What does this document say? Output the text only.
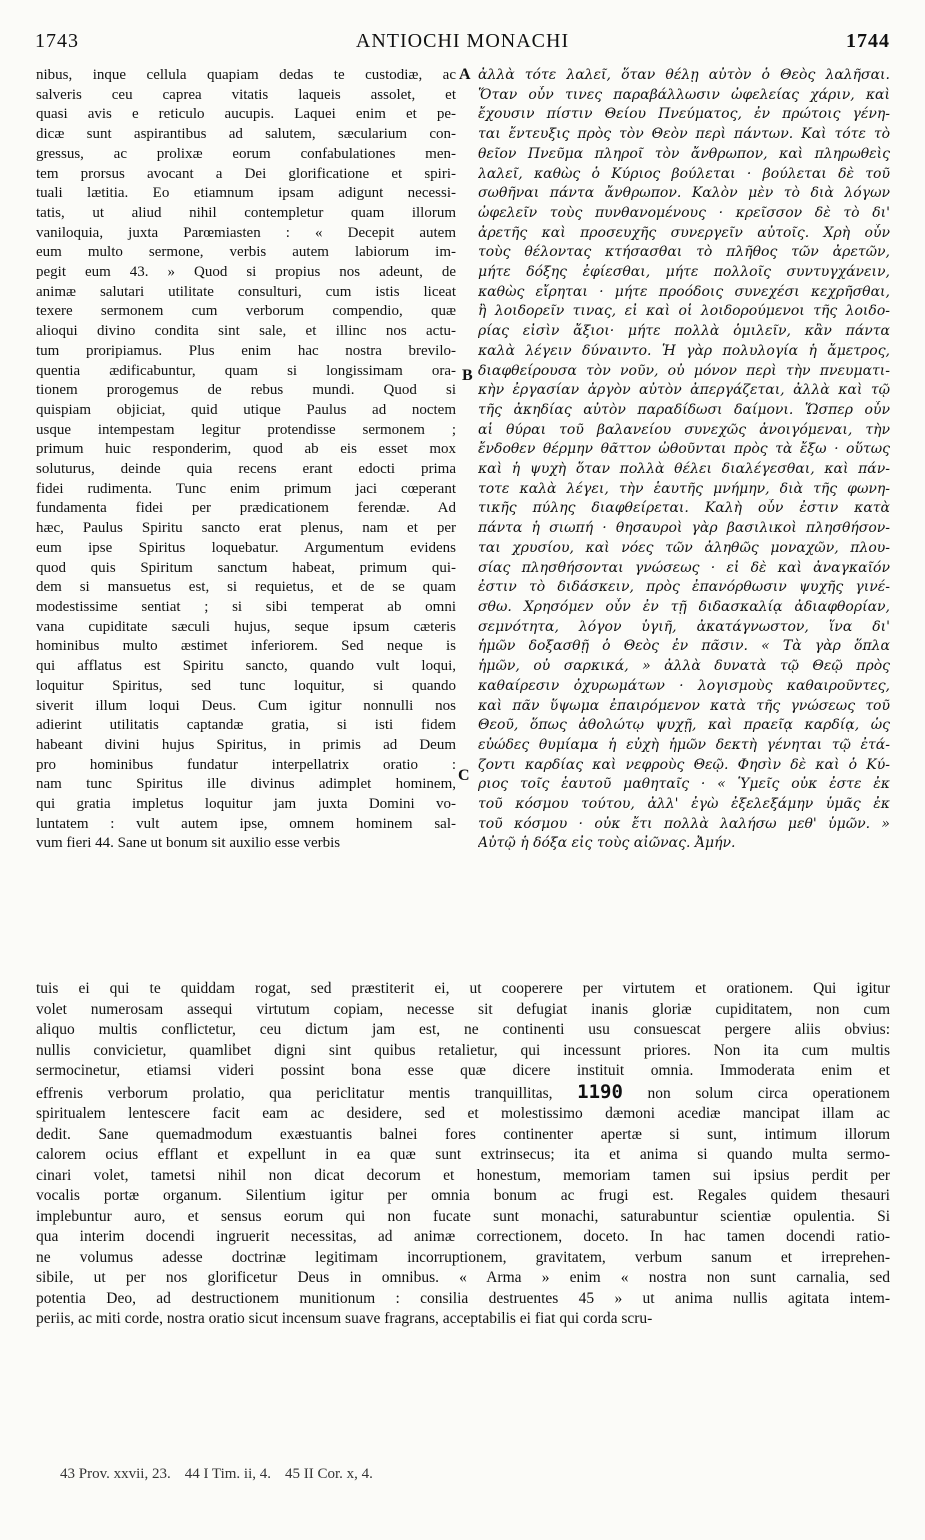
1743	ANTIOCHI MONACHI	1744
nibus, inque cellula quapiam dedas te custodiæ, ac
salveris ceu caprea vitatis laqueis assolet, et
quasi avis e reticulo aucupis. Laquei enim et pe-
dicæ sunt aspirantibus ad salutem, sæcularium con-
gressus, ac prolixæ eorum confabulationes men-
tem prorsus avocant a Dei glorificatione et spiri-
tuali lætitia. Eo etiamnum ipsam adigunt necessi-
tatis, ut aliud nihil contempletur quam illorum
vaniloquia, juxta Parœmiasten : « Decepit autem
eum multo sermone, verbis autem labiorum im-
pegit eum 43. » Quod si propius nos adeunt, de
animæ salutari utilitate consulturi, cum istis liceat
texere sermonem cum verborum compendio, quæ
alioqui divino condita sint sale, et illinc nos actu-
tum proripiamus. Plus enim hac nostra brevilo-
quentia ædificabuntur, quam si longissimam ora-
tionem prorogemus de rebus mundi. Quod si
quispiam objiciat, quid utique Paulus ad noctem
usque intempestam legitur protendisse sermonem ;
primum huic responderim, quod ab eis esset mox
soluturus, deinde quia recens erant edocti prima
fidei rudimenta. Tunc enim primum jaci cœperant
fundamenta fidei per prædicationem ferendæ. Ad
hæc, Paulus Spiritu sancto erat plenus, nam et per
eum ipse Spiritus loquebatur. Argumentum evidens
quod quis Spiritum sanctum habeat, primum qui-
dem si mansuetus est, si requietus, et de se quam
modestissime sentiat ; si sibi temperat ab omni
vana cupiditate sæculi hujus, seque ipsum cæteris
hominibus multo æstimet inferiorem. Sed neque is
qui afflatus est Spiritu sancto, quando vult loqui,
loquitur Spiritus, sed tunc loquitur, si quando
siverit illum loqui Deus. Cum igitur nonnulli nos
adierint utilitatis captandæ gratia, si isti fidem
habeant divini hujus Spiritus, in primis ad Deum
pro hominibus fundatur interpellatrix oratio :
nam tunc Spiritus ille divinus adimplet hominem,
qui gratia impletus loquitur jam juxta Domini vo-
luntatem : vult autem ipse, omnem hominem sal-
vum fieri 44. Sane ut bonum sit auxilio esse verbis
ἀλλὰ τότε λαλεῖ, ὅταν θέλῃ αὐτὸν ὁ Θεὸς λαλῆσαι.
Ὅταν οὖν τινες παραβάλλωσιν ὠφελείας χάριν, καὶ
ἔχουσιν πίστιν Θείου Πνεύματος, ἐν πρώτοις γένη-
ται ἔντευξις πρὸς τὸν Θεὸν περὶ πάντων. Καὶ τότε τὸ
θεῖον Πνεῦμα πληροῖ τὸν ἄνθρωπον, καὶ πληρωθεὶς
λαλεῖ, καθὼς ὁ Κύριος βούλεται · βούλεται δὲ τοῦ
σωθῆναι πάντα ἄνθρωπον. Καλὸν μὲν τὸ διὰ λόγων
ὠφελεῖν τοὺς πυνθανομένους · κρεῖσσον δὲ τὸ δι'
ἀρετῆς καὶ προσευχῆς συνεργεῖν αὐτοῖς. Χρὴ οὖν
τοὺς θέλοντας κτήσασθαι τὸ πλῆθος τῶν ἀρετῶν,
μήτε δόξης ἐφίεσθαι, μήτε πολλοῖς συντυγχάνειν,
καθὼς εἴρηται · μήτε προόδοις συνεχέσι κεχρῆσθαι,
ἢ λοιδορεῖν τινας, εἰ καὶ οἱ λοιδορούμενοι τῆς λοιδο-
ρίας εἰσὶν ἄξιοι· μήτε πολλὰ ὁμιλεῖν, κἂν πάντα
καλὰ λέγειν δύναιντο. Ἡ γὰρ πολυλογία ἡ ἄμετρος,
διαφθείρουσα τὸν νοῦν, οὐ μόνον περὶ τὴν πνευματι-
κὴν ἐργασίαν ἀργὸν αὐτὸν ἀπεργάζεται, ἀλλὰ καὶ τῷ
τῆς ἀκηδίας αὐτὸν παραδίδωσι δαίμονι. Ὥσπερ οὖν
αἱ θύραι τοῦ βαλανείου συνεχῶς ἀνοιγόμεναι, τὴν
ἔνδοθεν θέρμην θᾶττον ὠθοῦνται πρὸς τὰ ἔξω · οὕτως
καὶ ἡ ψυχὴ ὅταν πολλὰ θέλει διαλέγεσθαι, καὶ πάν-
τοτε καλὰ λέγει, τὴν ἑαυτῆς μνήμην, διὰ τῆς φωνη-
τικῆς πύλης διαφθείρεται. Καλὴ οὖν ἐστιν κατὰ
πάντα ἡ σιωπή · θησαυροὶ γὰρ βασιλικοὶ πλησθήσον-
ται χρυσίου, καὶ νόες τῶν ἀληθῶς μοναχῶν, πλου-
σίας πλησθήσονται γνώσεως · εἰ δὲ καὶ ἀναγκαῖόν
ἐστιν τὸ διδάσκειν, πρὸς ἐπανόρθωσιν ψυχῆς γινέ-
σθω. Χρησόμεν οὖν ἐν τῇ διδασκαλίᾳ ἀδιαφθορίαν,
σεμνότητα, λόγον ὑγιῆ, ἀκατάγνωστον, ἵνα δι'
ἡμῶν δοξασθῇ ὁ Θεὸς ἐν πᾶσιν. « Τὰ γὰρ ὅπλα
ἡμῶν, οὐ σαρκικά, » ἀλλὰ δυνατὰ τῷ Θεῷ πρὸς
καθαίρεσιν ὀχυρωμάτων · λογισμοὺς καθαιροῦντες,
καὶ πᾶν ὕψωμα ἐπαιρόμενον κατὰ τῆς γνώσεως τοῦ
Θεοῦ, ὅπως ἀθολώτῳ ψυχῇ, καὶ πραεῖᾳ καρδίᾳ, ὡς
εὐώδες θυμίαμα ἡ εὐχὴ ἡμῶν δεκτὴ γένηται τῷ ἐτά-
ζοντι καρδίας καὶ νεφροὺς Θεῷ. Φησὶν δὲ καὶ ὁ Κύ-
ριος τοῖς ἑαυτοῦ μαθηταῖς · « Ὑμεῖς οὐκ ἐστε ἐκ
τοῦ κόσμου τούτου, ἀλλ' ἐγὼ ἐξελεξάμην ὑμᾶς ἐκ
τοῦ κόσμου · οὐκ ἔτι πολλὰ λαλήσω μεθ' ὑμῶν. »
Αὐτῷ ἡ δόξα εἰς τοὺς αἰῶνας. Ἀμήν.
A
B
C
tuis ei qui te quiddam rogat, sed præstiterit ei, ut cooperere per virtutem et orationem. Qui igitur
volet numerosam assequi virtutum copiam, necesse sit defugiat inanis gloriæ cupiditatem, non cum
aliquo multis conflictetur, ceu dictum jam est, ne continenti usu consuescat pergere aliis obvius:
nullis convicietur, quamlibet digni sint quibus retalietur, qui incessunt priores. Non ita cum multis
sermocinetur, etiamsi videri possint bona esse quæ dicere instituit omnia. Immoderata enim et
effrenis verborum prolatio, qua periclitatur mentis tranquillitas, 1190 non solum circa operationem
spiritualem lentescere facit eam ac desidere, sed et molestissimo dæmoni acediæ mancipat illam ac
dedit. Sane quemadmodum exæstuantis balnei fores continenter apertæ si sunt, intimum illorum
calorem ocius efflant et expellunt in ea quæ sunt extrinsecus; ita et anima si quando multa sermo-
cinari volet, tametsi nihil non dicat decorum et honestum, memoriam tamen sui ipsius perdit per
vocalis portæ organum. Silentium igitur per omnia bonum ac frugi est. Regales quidem thesauri
implebuntur auro, et sensus eorum qui non fucate sunt monachi, saturabuntur scientiæ opulentia. Si
qua interim docendi ingruerit necessitas, ad animæ correctionem, doceto. In hac tamen docendi ratio-
ne volumus adesse doctrinæ legitimam incorruptionem, gravitatem, verbum sanum et irreprehen-
sibile, ut per nos glorificetur Deus in omnibus. « Arma » enim « nostra non sunt carnalia, sed
potentia Deo, ad destructionem munitionum : consilia destruentes 45 » ut anima nullis agitata intem-
periis, ac miti corde, nostra oratio sicut incensum suave fragrans, acceptabilis ei fiat qui corda scru-
43 Prov. xxvii, 23. 44 I Tim. ii, 4. 45 II Cor. x, 4.
